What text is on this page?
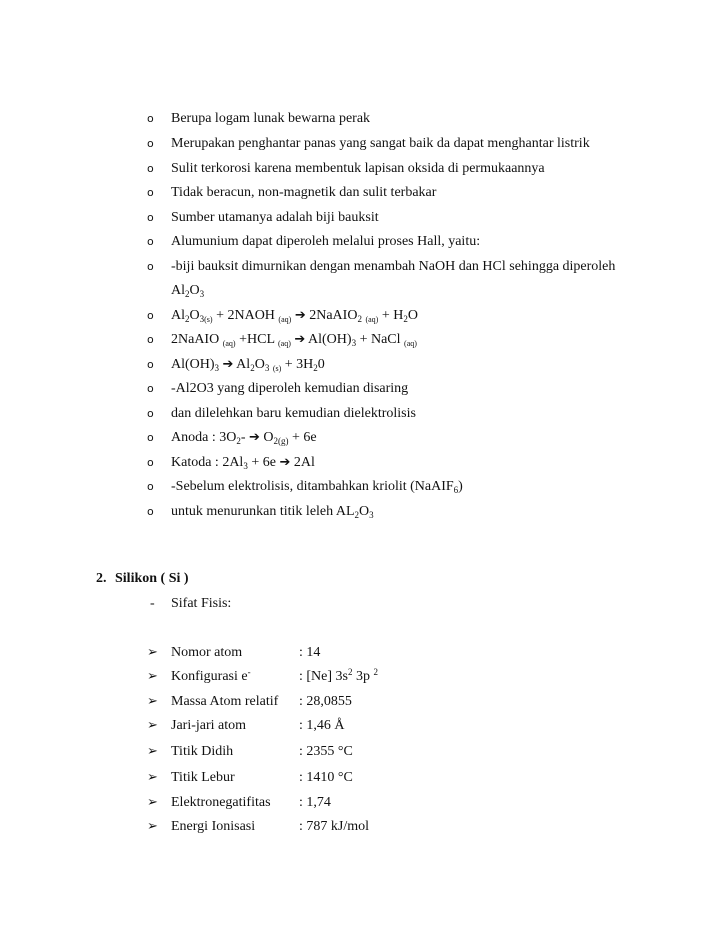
o Berupa logam lunak bewarna perak
o Merupakan penghantar panas yang sangat baik da dapat menghantar listrik
o Sulit terkorosi karena membentuk lapisan oksida di permukaannya
o Tidak beracun, non-magnetik dan sulit terbakar
o Sumber utamanya adalah biji bauksit
o Alumunium dapat diperoleh melalui proses Hall, yaitu:
o -biji bauksit dimurnikan dengan menambah NaOH dan HCl sehingga diperoleh
$Al_2O_3$
o $Al_2O_{3(s)}$ + 2NAOH $_{(aq)}$ ➔ 2NaAIO$_2$ $_{(aq)} + H_2O$
o 2NaAIO $_{(aq)}$ +HCL $_{(aq)}$ ➔ $Al(OH)_3$ + NaCl $_{(aq)}$
o $Al(OH)_3$ ➔ $Al_2O_3$ $_{(s)} + 3H_20$
o -Al2O3 yang diperoleh kemudian disaring
o dan dilelehkan baru kemudian dielektrolisis
o Anoda : $3O_2-$ ➔ $O_{2(g)} + 6e$
o Katoda : $2Al_3 + 6e$ ➔ 2Al
o -Sebelum elektrolisis, ditambahkan kriolit (NaAIF$_6$)
o untuk menurunkan titik leleh $AL_2O_3$
2. Silikon ( Si )
- Sifat Fisis:
➢ Nomor atom	: 14
➢ Konfigurasi e-	: [Ne] $3s^2$ 3p $^2$
➢ Massa Atom relatif : 28,0855
➢ Jari-jari atom	: 1,46 Å
➢ Titik Didih	: 2355 °C
➢ Titik Lebur	: 1410 °C
➢ Elektronegatifitas : 1,74
➢ Energi Ionisasi	: 787 kJ/mol
